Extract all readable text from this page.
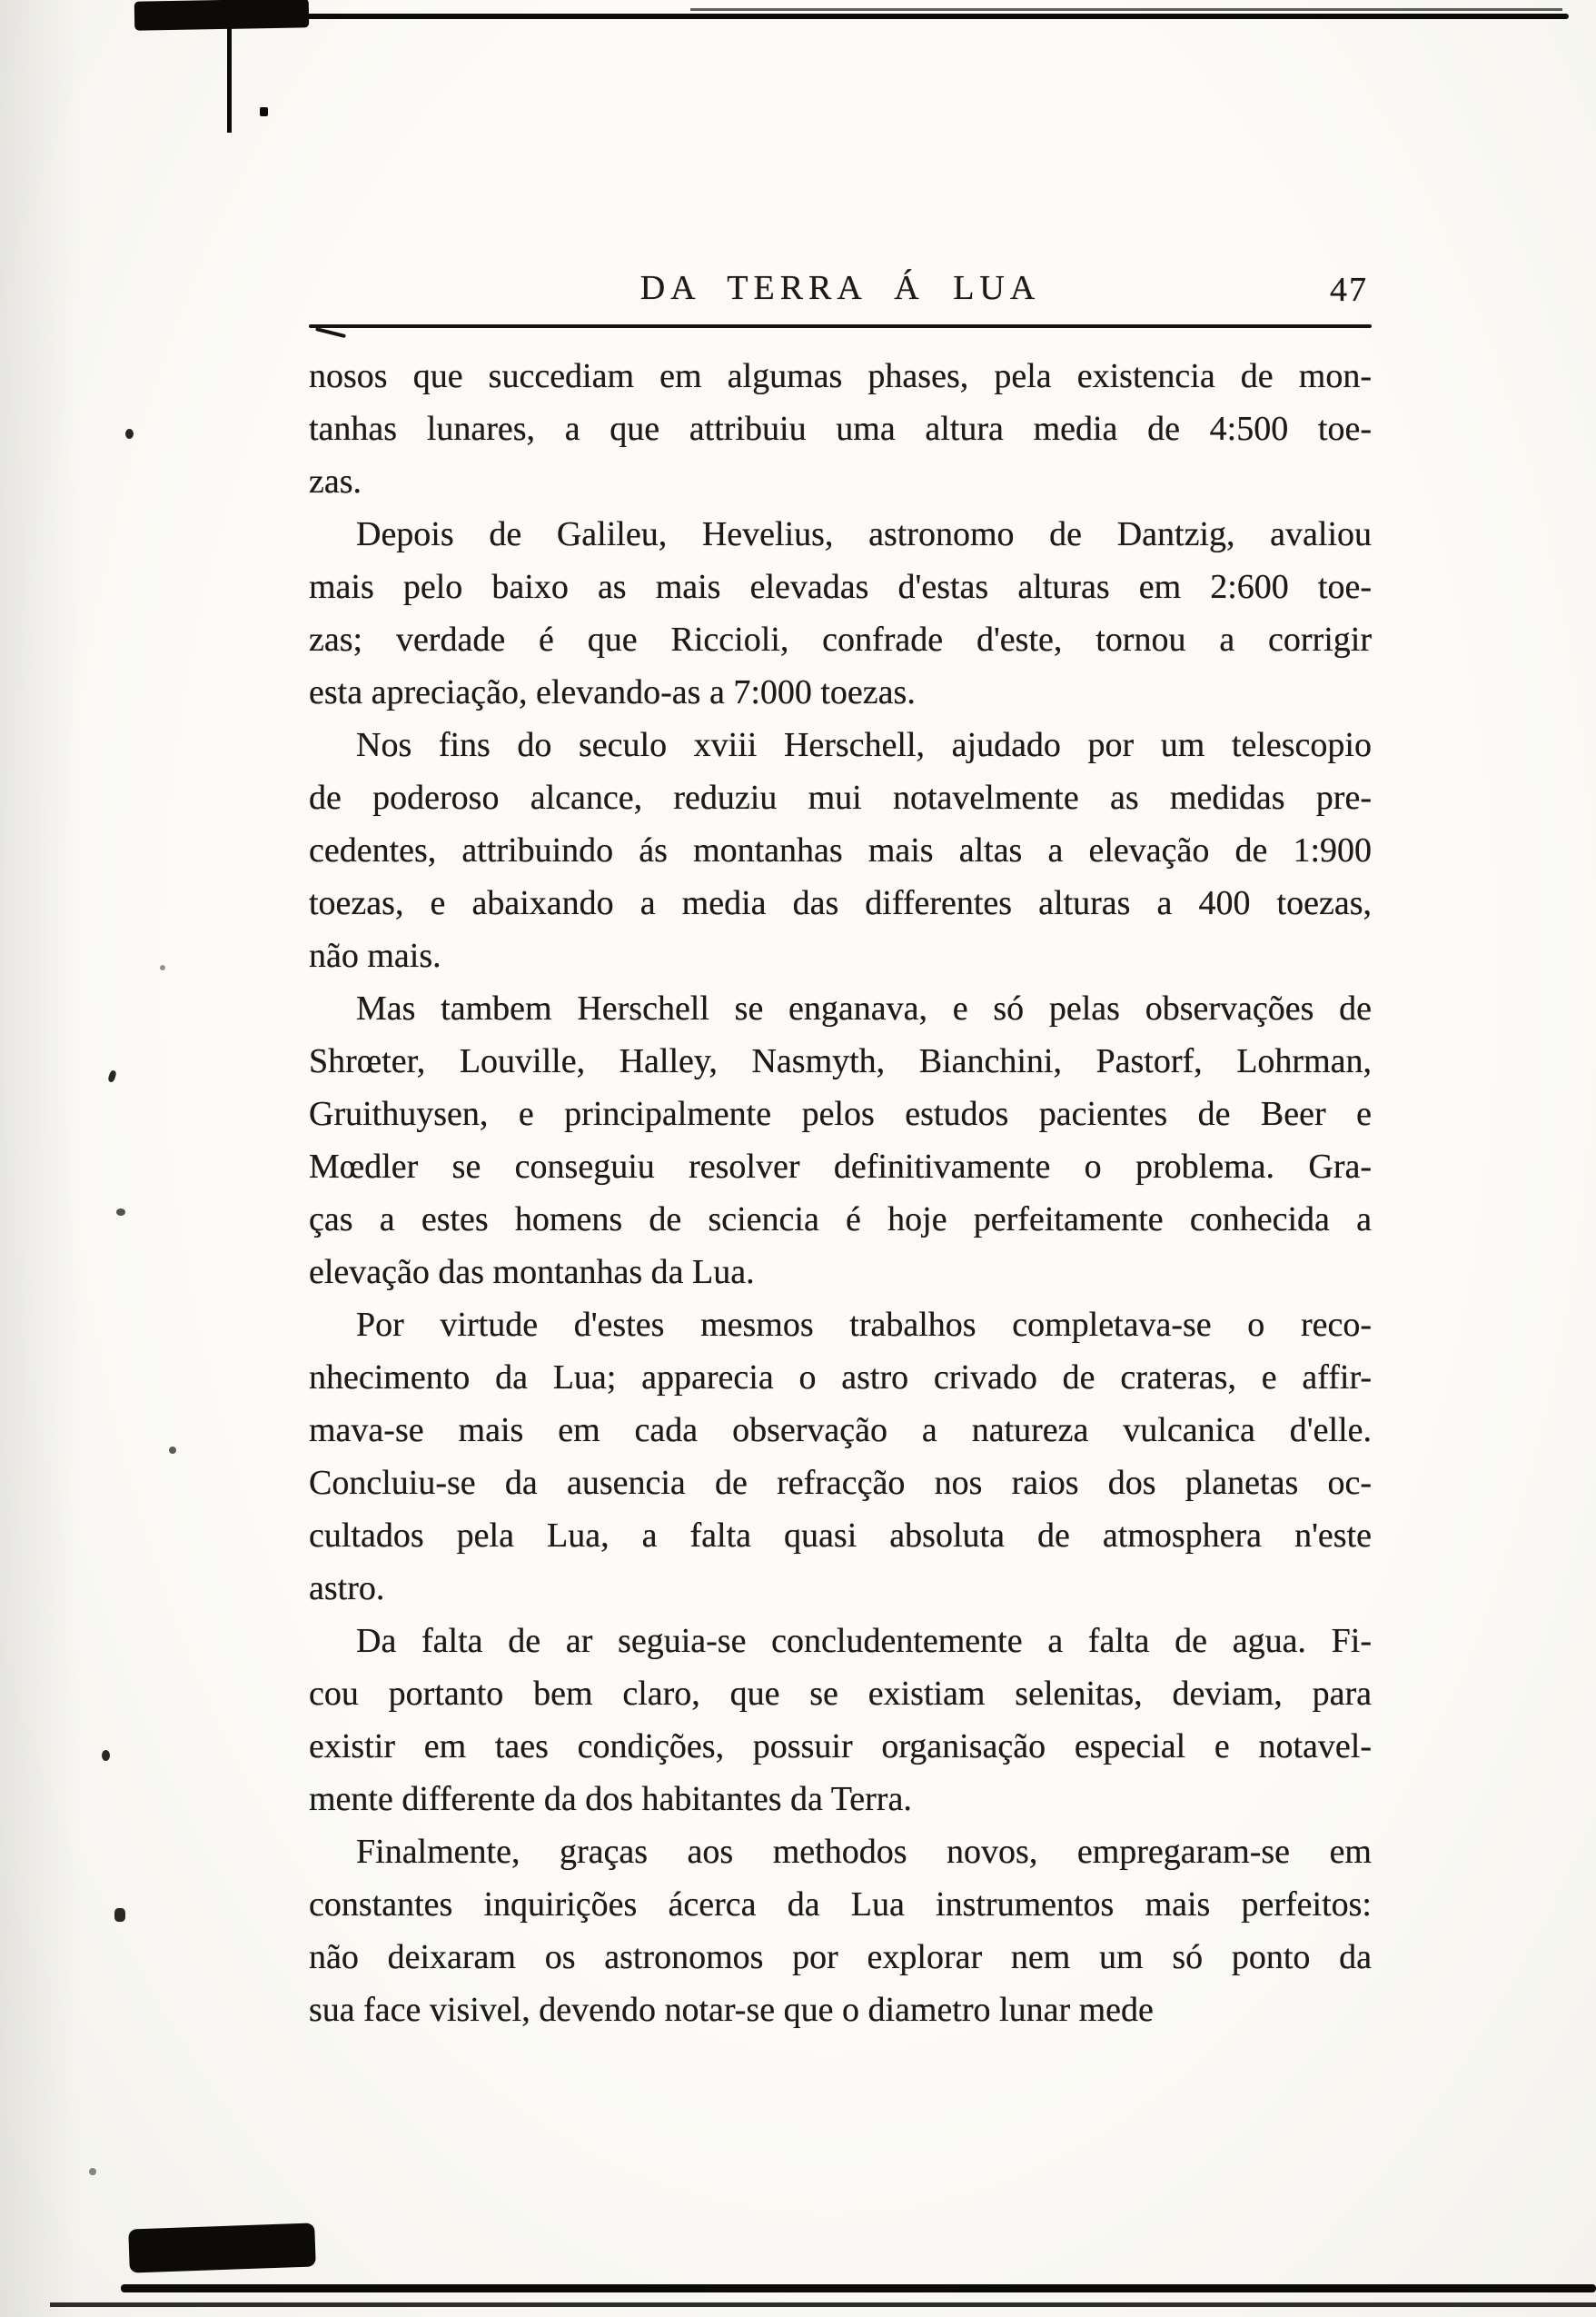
DA TERRA Á LUA	47
nosos que succediam em algumas phases, pela existencia de mon-
tanhas lunares, a que attribuiu uma altura media de 4:500 toe-
zas.
Depois de Galileu, Hevelius, astronomo de Dantzig, avaliou
mais pelo baixo as mais elevadas d'estas alturas em 2:600 toe-
zas; verdade é que Riccioli, confrade d'este, tornou a corrigir
esta apreciação, elevando-as a 7:000 toezas.
Nos fins do seculo xviii Herschell, ajudado por um telescopio
de poderoso alcance, reduziu mui notavelmente as medidas pre-
cedentes, attribuindo ás montanhas mais altas a elevação de 1:900
toezas, e abaixando a media das differentes alturas a 400 toezas,
não mais.
Mas tambem Herschell se enganava, e só pelas observações de
Shrœter, Louville, Halley, Nasmyth, Bianchini, Pastorf, Lohrman,
Gruithuysen, e principalmente pelos estudos pacientes de Beer e
Mœdler se conseguiu resolver definitivamente o problema. Gra-
ças a estes homens de sciencia é hoje perfeitamente conhecida a
elevação das montanhas da Lua.
Por virtude d'estes mesmos trabalhos completava-se o reco-
nhecimento da Lua; apparecia o astro crivado de crateras, e affir-
mava-se mais em cada observação a natureza vulcanica d'elle.
Concluiu-se da ausencia de refracção nos raios dos planetas oc-
cultados pela Lua, a falta quasi absoluta de atmosphera n'este
astro.
Da falta de ar seguia-se concludentemente a falta de agua. Fi-
cou portanto bem claro, que se existiam selenitas, deviam, para
existir em taes condições, possuir organisação especial e notavel-
mente differente da dos habitantes da Terra.
Finalmente, graças aos methodos novos, empregaram-se em
constantes inquirições ácerca da Lua instrumentos mais perfeitos:
não deixaram os astronomos por explorar nem um só ponto da
sua face visivel, devendo notar-se que o diametro lunar mede
